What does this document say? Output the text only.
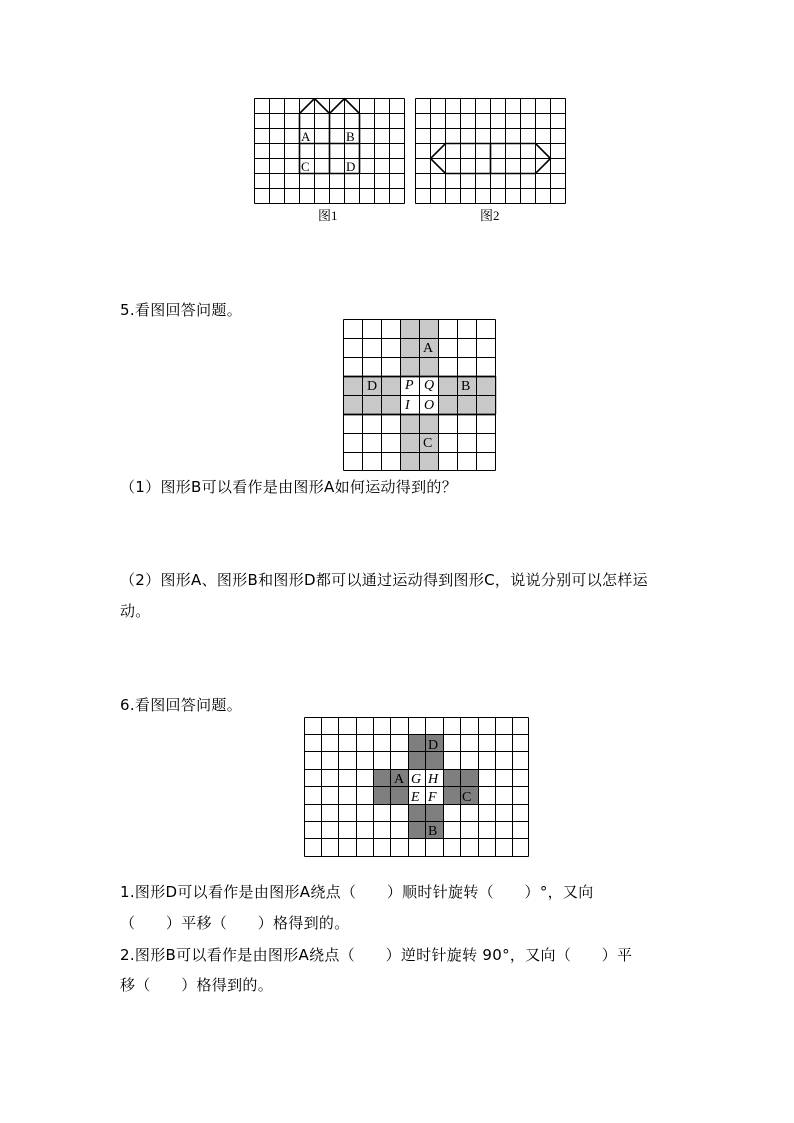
A	B
C	D
图1	图2
5.看图回答问题。
A
B
C
D P Q
I O
（1）图形B可以看作是由图形A如何运动得到的？
（2）图形A、图形B和图形D都可以通过运动得到图形C，说说分别可以怎样运
动。
6.看图回答问题。
D
A
C
B
G H
E F
1.图形D可以看作是由图形A绕点（　　）顺时针旋转（　　）°，又向
（　　）平移（　　）格得到的。
2.图形B可以看作是由图形A绕点（　　）逆时针旋转 90°，又向（　　）平
移（　　）格得到的。
